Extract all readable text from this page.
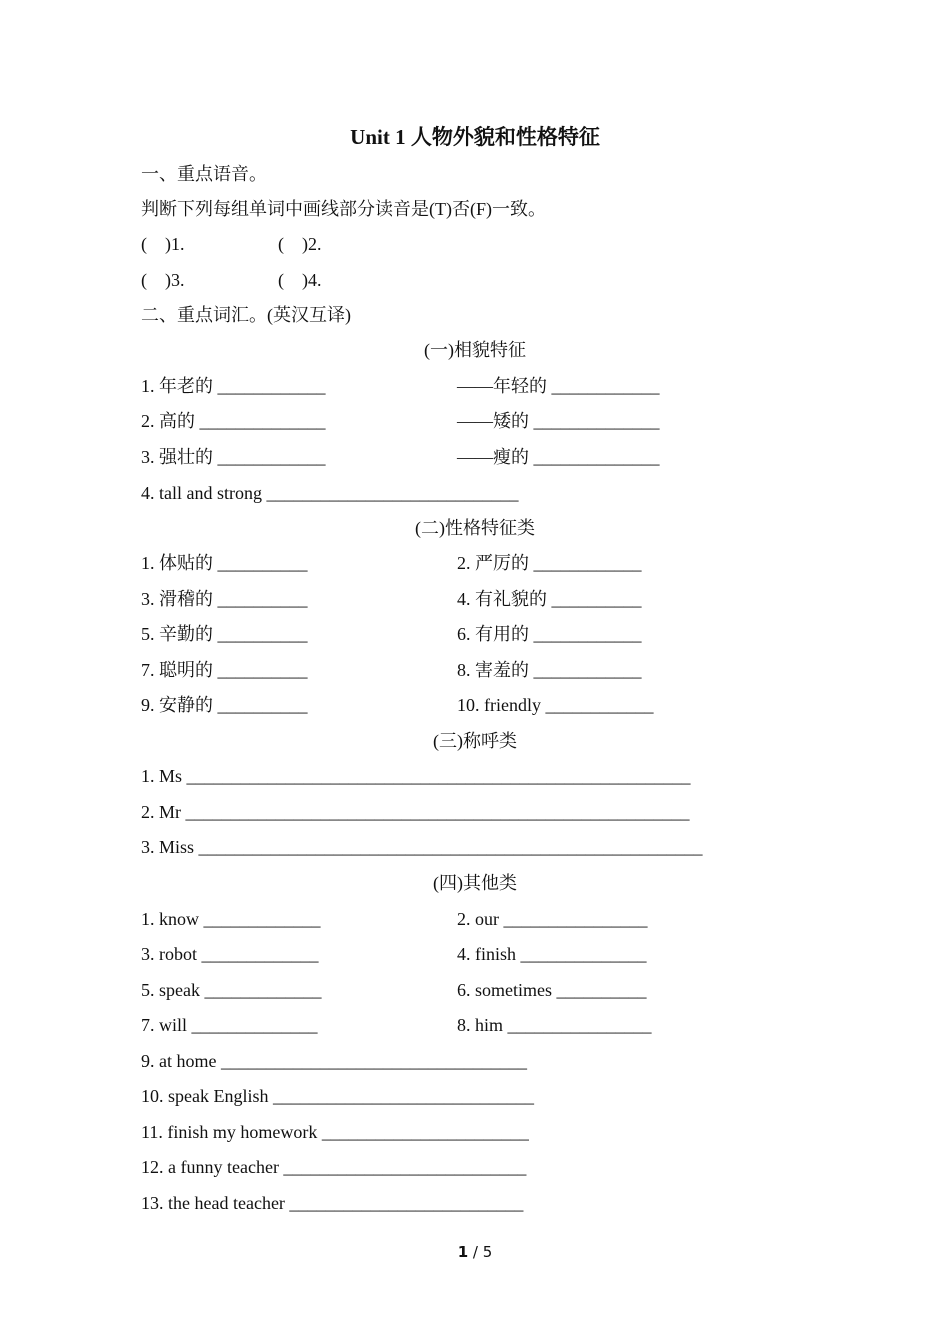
Unit 1 人物外貌和性格特征
一、重点语音。
判断下列每组单词中画线部分读音是(T)否(F)一致。
(　)1.	(　)2.
(　)3.	(　)4.
二、重点词汇。(英汉互译)
(一)相貌特征
1. 年老的 ____________	——年轻的 ____________
2. 高的 ______________	——矮的 ______________
3. 强壮的 ____________	——瘦的 ______________
4. tall and strong ____________________________
(二)性格特征类
1. 体贴的 __________	2. 严厉的 ____________
3. 滑稽的 __________	4. 有礼貌的 __________
5. 辛勤的 __________	6. 有用的 ____________
7. 聪明的 __________	8. 害羞的 ____________
9. 安静的 __________	10. friendly ____________
(三)称呼类
1. Ms ________________________________________________________
2. Mr ________________________________________________________
3. Miss ________________________________________________________
(四)其他类
1. know _____________	2. our ________________
3. robot _____________	4. finish ______________
5. speak _____________	6. sometimes __________
7. will ______________	8. him ________________
9. at home __________________________________
10. speak English _____________________________
11. finish my homework _______________________
12. a funny teacher ___________________________
13. the head teacher __________________________
1 / 5
